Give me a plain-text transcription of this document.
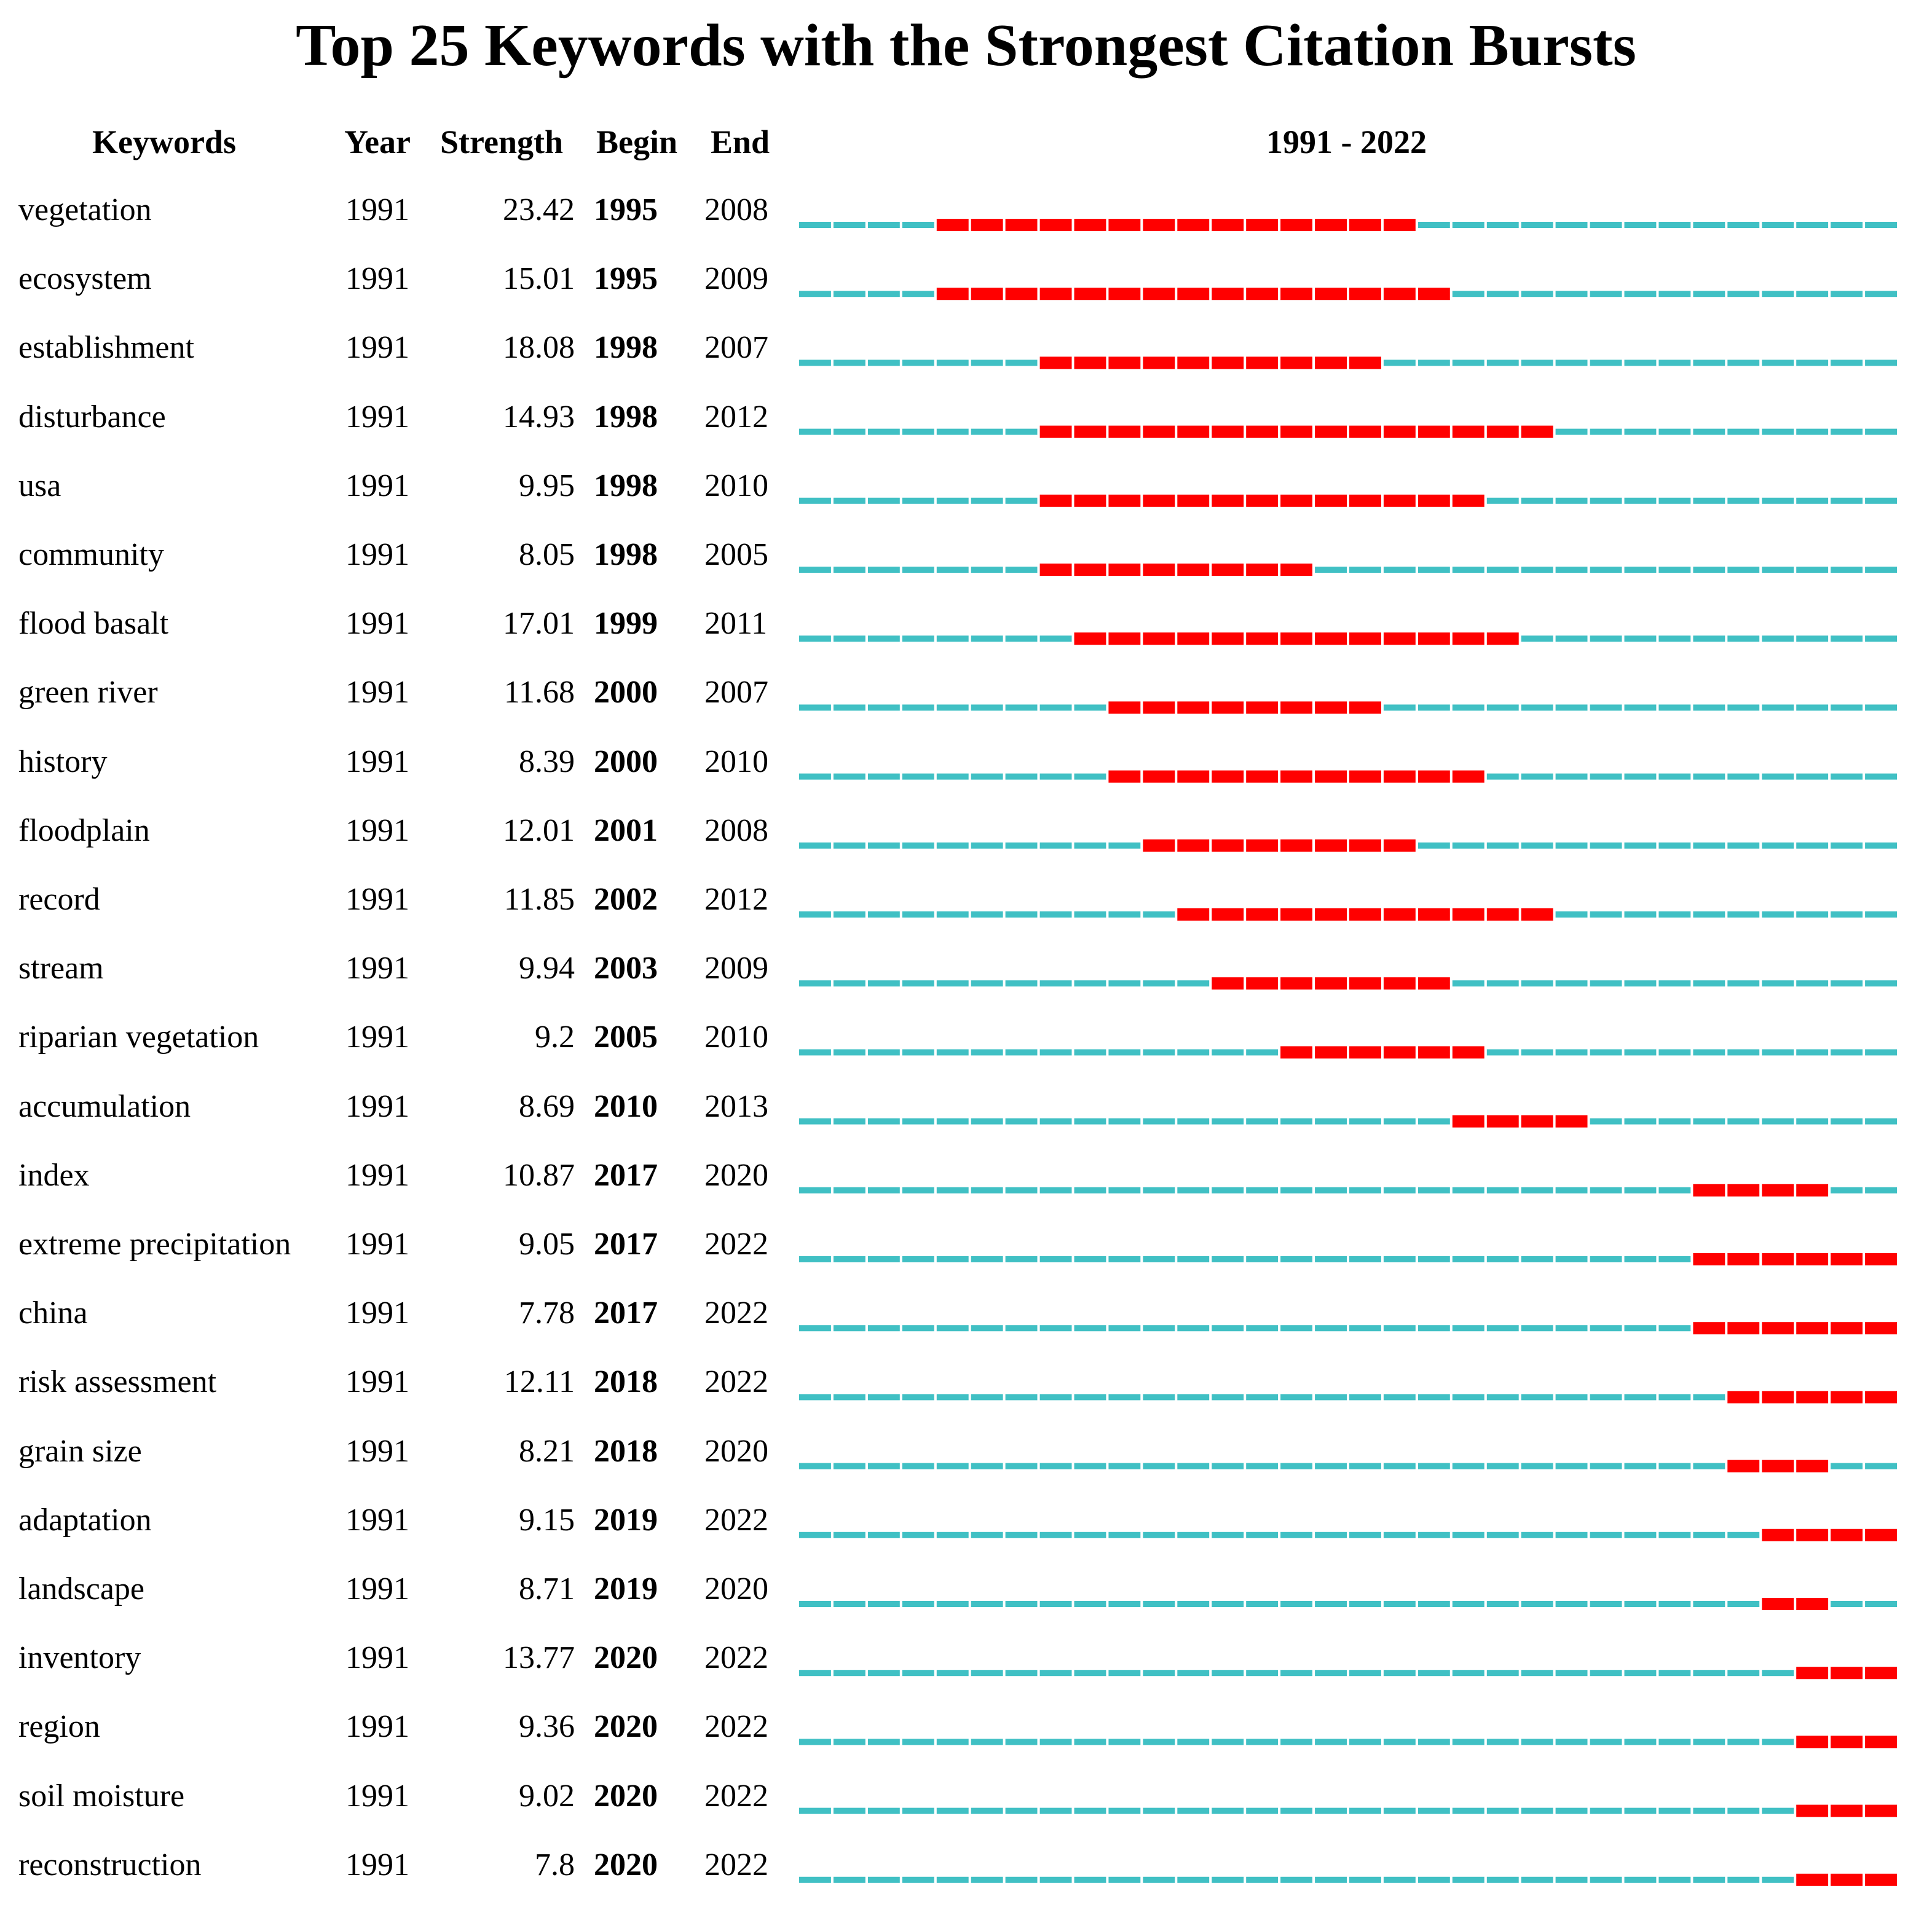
Top 25 Keywords with the Strongest Citation Bursts
Keywords	Year Strength Begin End	1991 - 2022
vegetation	1991	23.42 1995 2008
ecosystem	1991	15.01 1995 2009
establishment	1991	18.08 1998 2007
disturbance	1991	14.93 1998 2012
usa	1991	9.95 1998 2010
community	1991	8.05 1998 2005
flood basalt	1991	17.01 1999 2011
green river	1991	11.68 2000 2007
history	1991	8.39 2000 2010
floodplain	1991	12.01 2001 2008
record	1991	11.85 2002 2012
stream	1991	9.94 2003 2009
riparian vegetation	1991	9.2 2005 2010
accumulation	1991	8.69 2010 2013
index	1991	10.87 2017 2020
extreme precipitation 1991	9.05 2017 2022
china	1991	7.78 2017 2022
risk assessment	1991	12.11 2018 2022
grain size	1991	8.21 2018 2020
adaptation	1991	9.15 2019 2022
landscape	1991	8.71 2019 2020
inventory	1991	13.77 2020 2022
region	1991	9.36 2020 2022
soil moisture	1991	9.02 2020 2022
reconstruction	1991	7.8 2020 2022
